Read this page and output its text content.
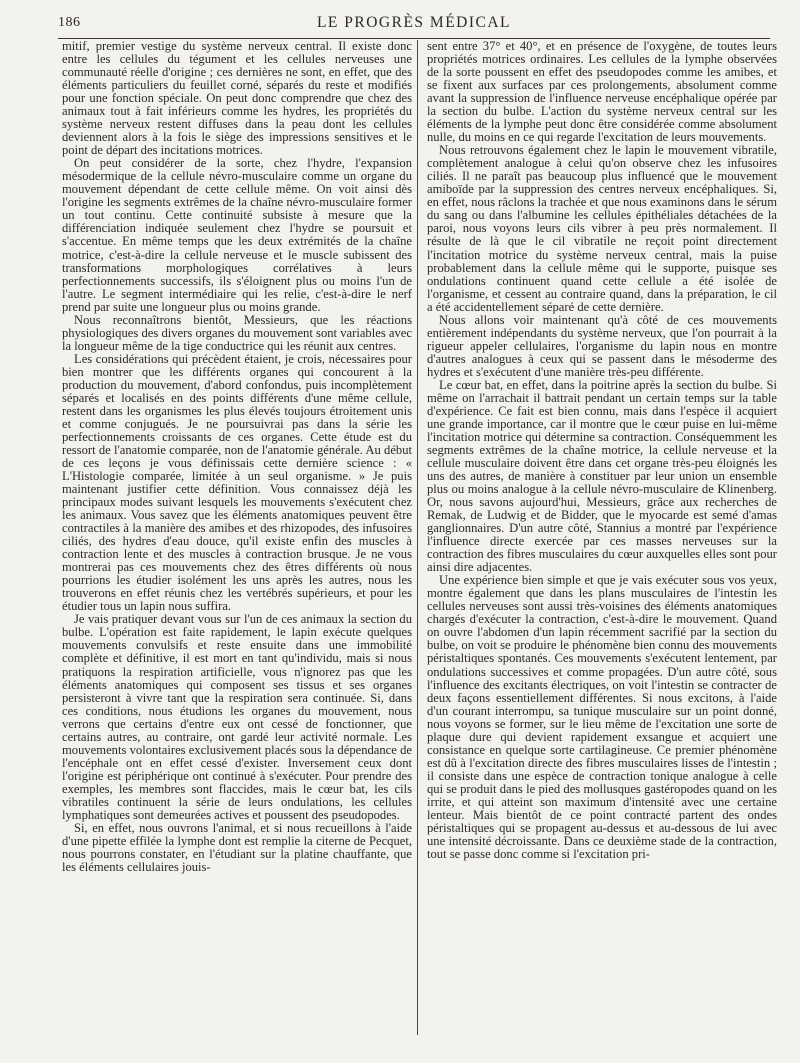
186	LE PROGRÈS MÉDICAL

mitif, premier vestige du système nerveux central. Il existe donc entre les cellules du tégument et les cellules nerveuses une communauté réelle d'origine ; ces dernières ne sont, en effet, que des éléments particuliers du feuillet corné, séparés du reste et modifiés pour une fonction spéciale. On peut donc comprendre que chez des animaux tout à fait inférieurs comme les hydres, les propriétés du système nerveux restent diffuses dans la peau dont les cellules deviennent alors à la fois le siège des impressions sensitives et le point de départ des incitations motrices.

On peut considérer de la sorte, chez l'hydre, l'expansion mésodermique de la cellule névro-musculaire comme un organe du mouvement dépendant de cette cellule même. On voit ainsi dès l'origine les segments extrêmes de la chaîne névro-musculaire former un tout continu. Cette continuité subsiste à mesure que la différenciation indiquée seulement chez l'hydre se poursuit et s'accentue. En même temps que les deux extrémités de la chaîne motrice, c'est-à-dire la cellule nerveuse et le muscle subissent des transformations morphologiques corrélatives à leurs perfectionnements successifs, ils s'éloignent plus ou moins l'un de l'autre. Le segment intermédiaire qui les relie, c'est-à-dire le nerf prend par suite une longueur plus ou moins grande.

Nous reconnaîtrons bientôt, Messieurs, que les réactions physiologiques des divers organes du mouvement sont variables avec la longueur même de la tige conductrice qui les réunit aux centres.

Les considérations qui précèdent étaient, je crois, nécessaires pour bien montrer que les différents organes qui concourent à la production du mouvement, d'abord confondus, puis incomplètement séparés et localisés en des points différents d'une même cellule, restent dans les organismes les plus élevés toujours étroitement unis et comme conjugués. Je ne poursuivrai pas dans la série les perfectionnements croissants de ces organes. Cette étude est du ressort de l'anatomie comparée, non de l'anatomie générale. Au début de ces leçons je vous définissais cette dernière science : « L'Histologie comparée, limitée à un seul organisme. » Je puis maintenant justifier cette définition. Vous connaissez déjà les principaux modes suivant lesquels les mouvements s'exécutent chez les animaux. Vous savez que les éléments anatomiques peuvent être contractiles à la manière des amibes et des rhizopodes, des infusoires ciliés, des hydres d'eau douce, qu'il existe enfin des muscles à contraction lente et des muscles à contraction brusque. Je ne vous montrerai pas ces mouvements chez des êtres différents où nous pourrions les étudier isolément les uns après les autres, nous les trouverons en effet réunis chez les vertébrés supérieurs, et pour les étudier tous un lapin nous suffira.

Je vais pratiquer devant vous sur l'un de ces animaux la section du bulbe. L'opération est faite rapidement, le lapin exécute quelques mouvements convulsifs et reste ensuite dans une immobilité complète et définitive, il est mort en tant qu'individu, mais si nous pratiquons la respiration artificielle, vous n'ignorez pas que les éléments anatomiques qui composent ses tissus et ses organes persisteront à vivre tant que la respiration sera continuée. Si, dans ces conditions, nous étudions les organes du mouvement, nous verrons que certains d'entre eux ont cessé de fonctionner, que certains autres, au contraire, ont gardé leur activité normale. Les mouvements volontaires exclusivement placés sous la dépendance de l'encéphale ont en effet cessé d'exister. Inversement ceux dont l'origine est périphérique ont continué à s'exécuter. Pour prendre des exemples, les membres sont flaccides, mais le cœur bat, les cils vibratiles continuent la série de leurs ondulations, les cellules lymphatiques sont demeurées actives et poussent des pseudopodes.

Si, en effet, nous ouvrons l'animal, et si nous recueillons à l'aide d'une pipette effilée la lymphe dont est remplie la citerne de Pecquet, nous pourrons constater, en l'étudiant sur la platine chauffante, que les éléments cellulaires jouis-

sent entre 37° et 40°, et en présence de l'oxygène, de toutes leurs propriétés motrices ordinaires. Les cellules de la lymphe observées de la sorte poussent en effet des pseudopodes comme les amibes, et se fixent aux surfaces par ces prolongements, absolument comme avant la suppression de l'influence nerveuse encéphalique opérée par la section du bulbe. L'action du système nerveux central sur les éléments de la lymphe peut donc être considérée comme absolument nulle, du moins en ce qui regarde l'excitation de leurs mouvements.

Nous retrouvons également chez le lapin le mouvement vibratile, complètement analogue à celui qu'on observe chez les infusoires ciliés. Il ne paraît pas beaucoup plus influencé que le mouvement amiboïde par la suppression des centres nerveux encéphaliques. Si, en effet, nous râclons la trachée et que nous examinons dans le sérum du sang ou dans l'albumine les cellules épithéliales détachées de la paroi, nous voyons leurs cils vibrer à peu près normalement. Il résulte de là que le cil vibratile ne reçoit point directement l'incitation motrice du système nerveux central, mais la puise probablement dans la cellule même qui le supporte, puisque ses ondulations continuent quand cette cellule a été isolée de l'organisme, et cessent au contraire quand, dans la préparation, le cil a été accidentellement séparé de cette dernière.

Nous allons voir maintenant qu'à côté de ces mouvements entièrement indépendants du système nerveux, que l'on pourrait à la rigueur appeler cellulaires, l'organisme du lapin nous en montre d'autres analogues à ceux qui se passent dans le mésoderme des hydres et s'exécutent d'une manière très-peu différente.

Le cœur bat, en effet, dans la poitrine après la section du bulbe. Si même on l'arrachait il battrait pendant un certain temps sur la table d'expérience. Ce fait est bien connu, mais dans l'espèce il acquiert une grande importance, car il montre que le cœur puise en lui-même l'incitation motrice qui détermine sa contraction. Conséquemment les segments extrêmes de la chaîne motrice, la cellule nerveuse et la cellule musculaire doivent être dans cet organe très-peu éloignés les uns des autres, de manière à constituer par leur union un ensemble plus ou moins analogue à la cellule névro-musculaire de Klinenberg. Or, nous savons aujourd'hui, Messieurs, grâce aux recherches de Remak, de Ludwig et de Bidder, que le myocarde est semé d'amas ganglionnaires. D'un autre côté, Stannius a montré par l'expérience l'influence directe exercée par ces masses nerveuses sur la contraction des fibres musculaires du cœur auxquelles elles sont pour ainsi dire adjacentes.

Une expérience bien simple et que je vais exécuter sous vos yeux, montre également que dans les plans musculaires de l'intestin les cellules nerveuses sont aussi très-voisines des éléments anatomiques chargés d'exécuter la contraction, c'est-à-dire le mouvement. Quand on ouvre l'abdomen d'un lapin récemment sacrifié par la section du bulbe, on voit se produire le phénomène bien connu des mouvements péristaltiques spontanés. Ces mouvements s'exécutent lentement, par ondulations successives et comme propagées. D'un autre côté, sous l'influence des excitants électriques, on voit l'intestin se contracter de deux façons essentiellement différentes. Si nous excitons, à l'aide d'un courant interrompu, sa tunique musculaire sur un point donné, nous voyons se former, sur le lieu même de l'excitation une sorte de plaque dure qui devient rapidement exsangue et acquiert une consistance en quelque sorte cartilagineuse. Ce premier phénomène est dû à l'excitation directe des fibres musculaires lisses de l'intestin ; il consiste dans une espèce de contraction tonique analogue à celle qui se produit dans le pied des mollusques gastéropodes quand on les irrite, et qui atteint son maximum d'intensité avec une certaine lenteur. Mais bientôt de ce point contracté partent des ondes péristaltiques qui se propagent au-dessus et au-dessous de lui avec une intensité décroissante. Dans ce deuxième stade de la contraction, tout se passe donc comme si l'excitation pri-
